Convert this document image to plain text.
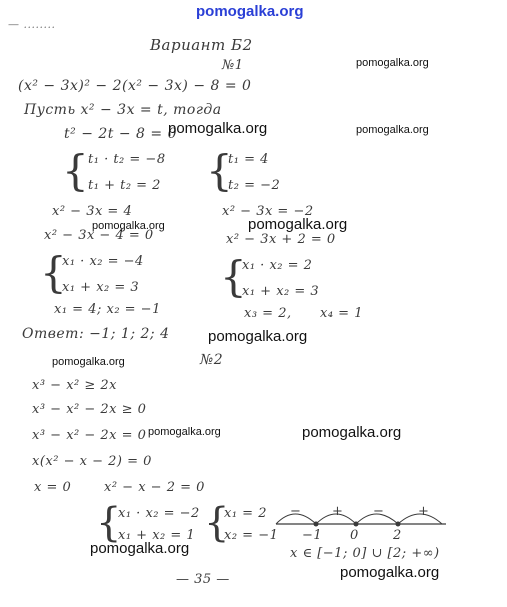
pomogalka.org
— ........
Вариант Б2
№1
(x² − 3x)² − 2(x² − 3x) − 8 = 0
Пусть x² − 3x = t, тогда
t² − 2t − 8 = 0
{ t₁ · t₂ = −8
t₁ + t₂ = 2 {
t₁ = 4
t₂ = −2
x² − 3x = 4
x² − 3x − 4 = 0
{
x₁ · x₂ = −4
x₁ + x₂ = 3
x₁ = 4; x₂ = −1
x² − 3x = −2
x² − 3x + 2 = 0
{
x₁ · x₂ = 2
x₁ + x₂ = 3
x₃ = 2, x₄ = 1
Ответ: −1; 1; 2; 4
№2
x³ − x² ≥ 2x
x³ − x² − 2x ≥ 0
x³ − x² − 2x = 0
x(x² − x − 2) = 0
x = 0	x² − x − 2 = 0
{
x₁ · x₂ = −2
x₁ + x₂ = 1 {
x₁ = 2
x₂ = −1
− + −	+
−1 0	2
x ∈ [−1; 0] ∪ [2; +∞)
— 35 —
pomogalka.org
pomogalka.org	pomogalka.org
pomogalka.org	pomogalka.org
pomogalka.org
pomogalka.org
pomogalka.org	pomogalka.org
pomogalka.org
pomogalka.org
